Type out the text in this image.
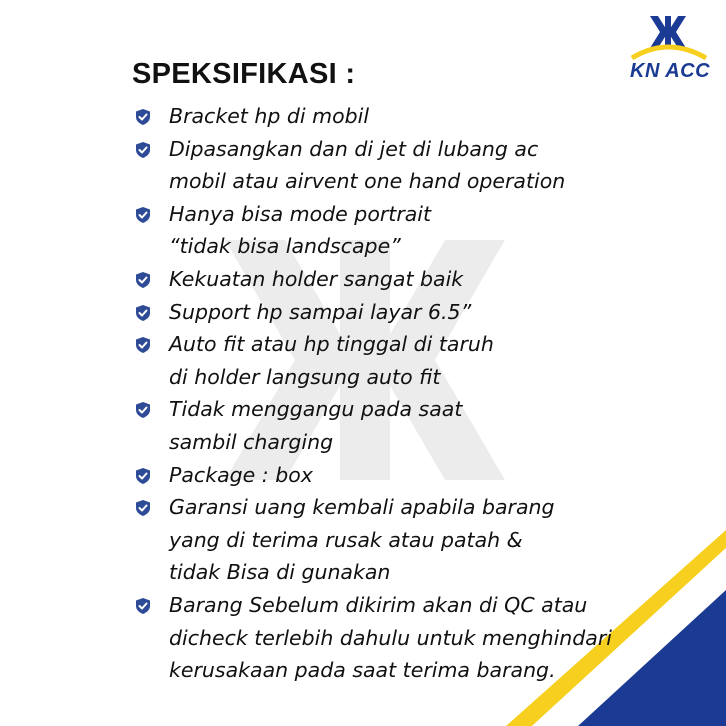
KN ACC
SPEKSIFIKASI :
Bracket hp di mobil
Dipasangkan dan di jet di lubang ac
mobil atau airvent one hand operation
Hanya bisa mode portrait
“tidak bisa landscape”
Kekuatan holder sangat baik
Support hp sampai layar 6.5”
Auto fit atau hp tinggal di taruh
di holder langsung auto fit
Tidak menggangu pada saat
sambil charging
Package : box
Garansi uang kembali apabila barang
yang di terima rusak atau patah &
tidak Bisa di gunakan
Barang Sebelum dikirim akan di QC atau
dicheck terlebih dahulu untuk menghindari
kerusakaan pada saat terima barang.
